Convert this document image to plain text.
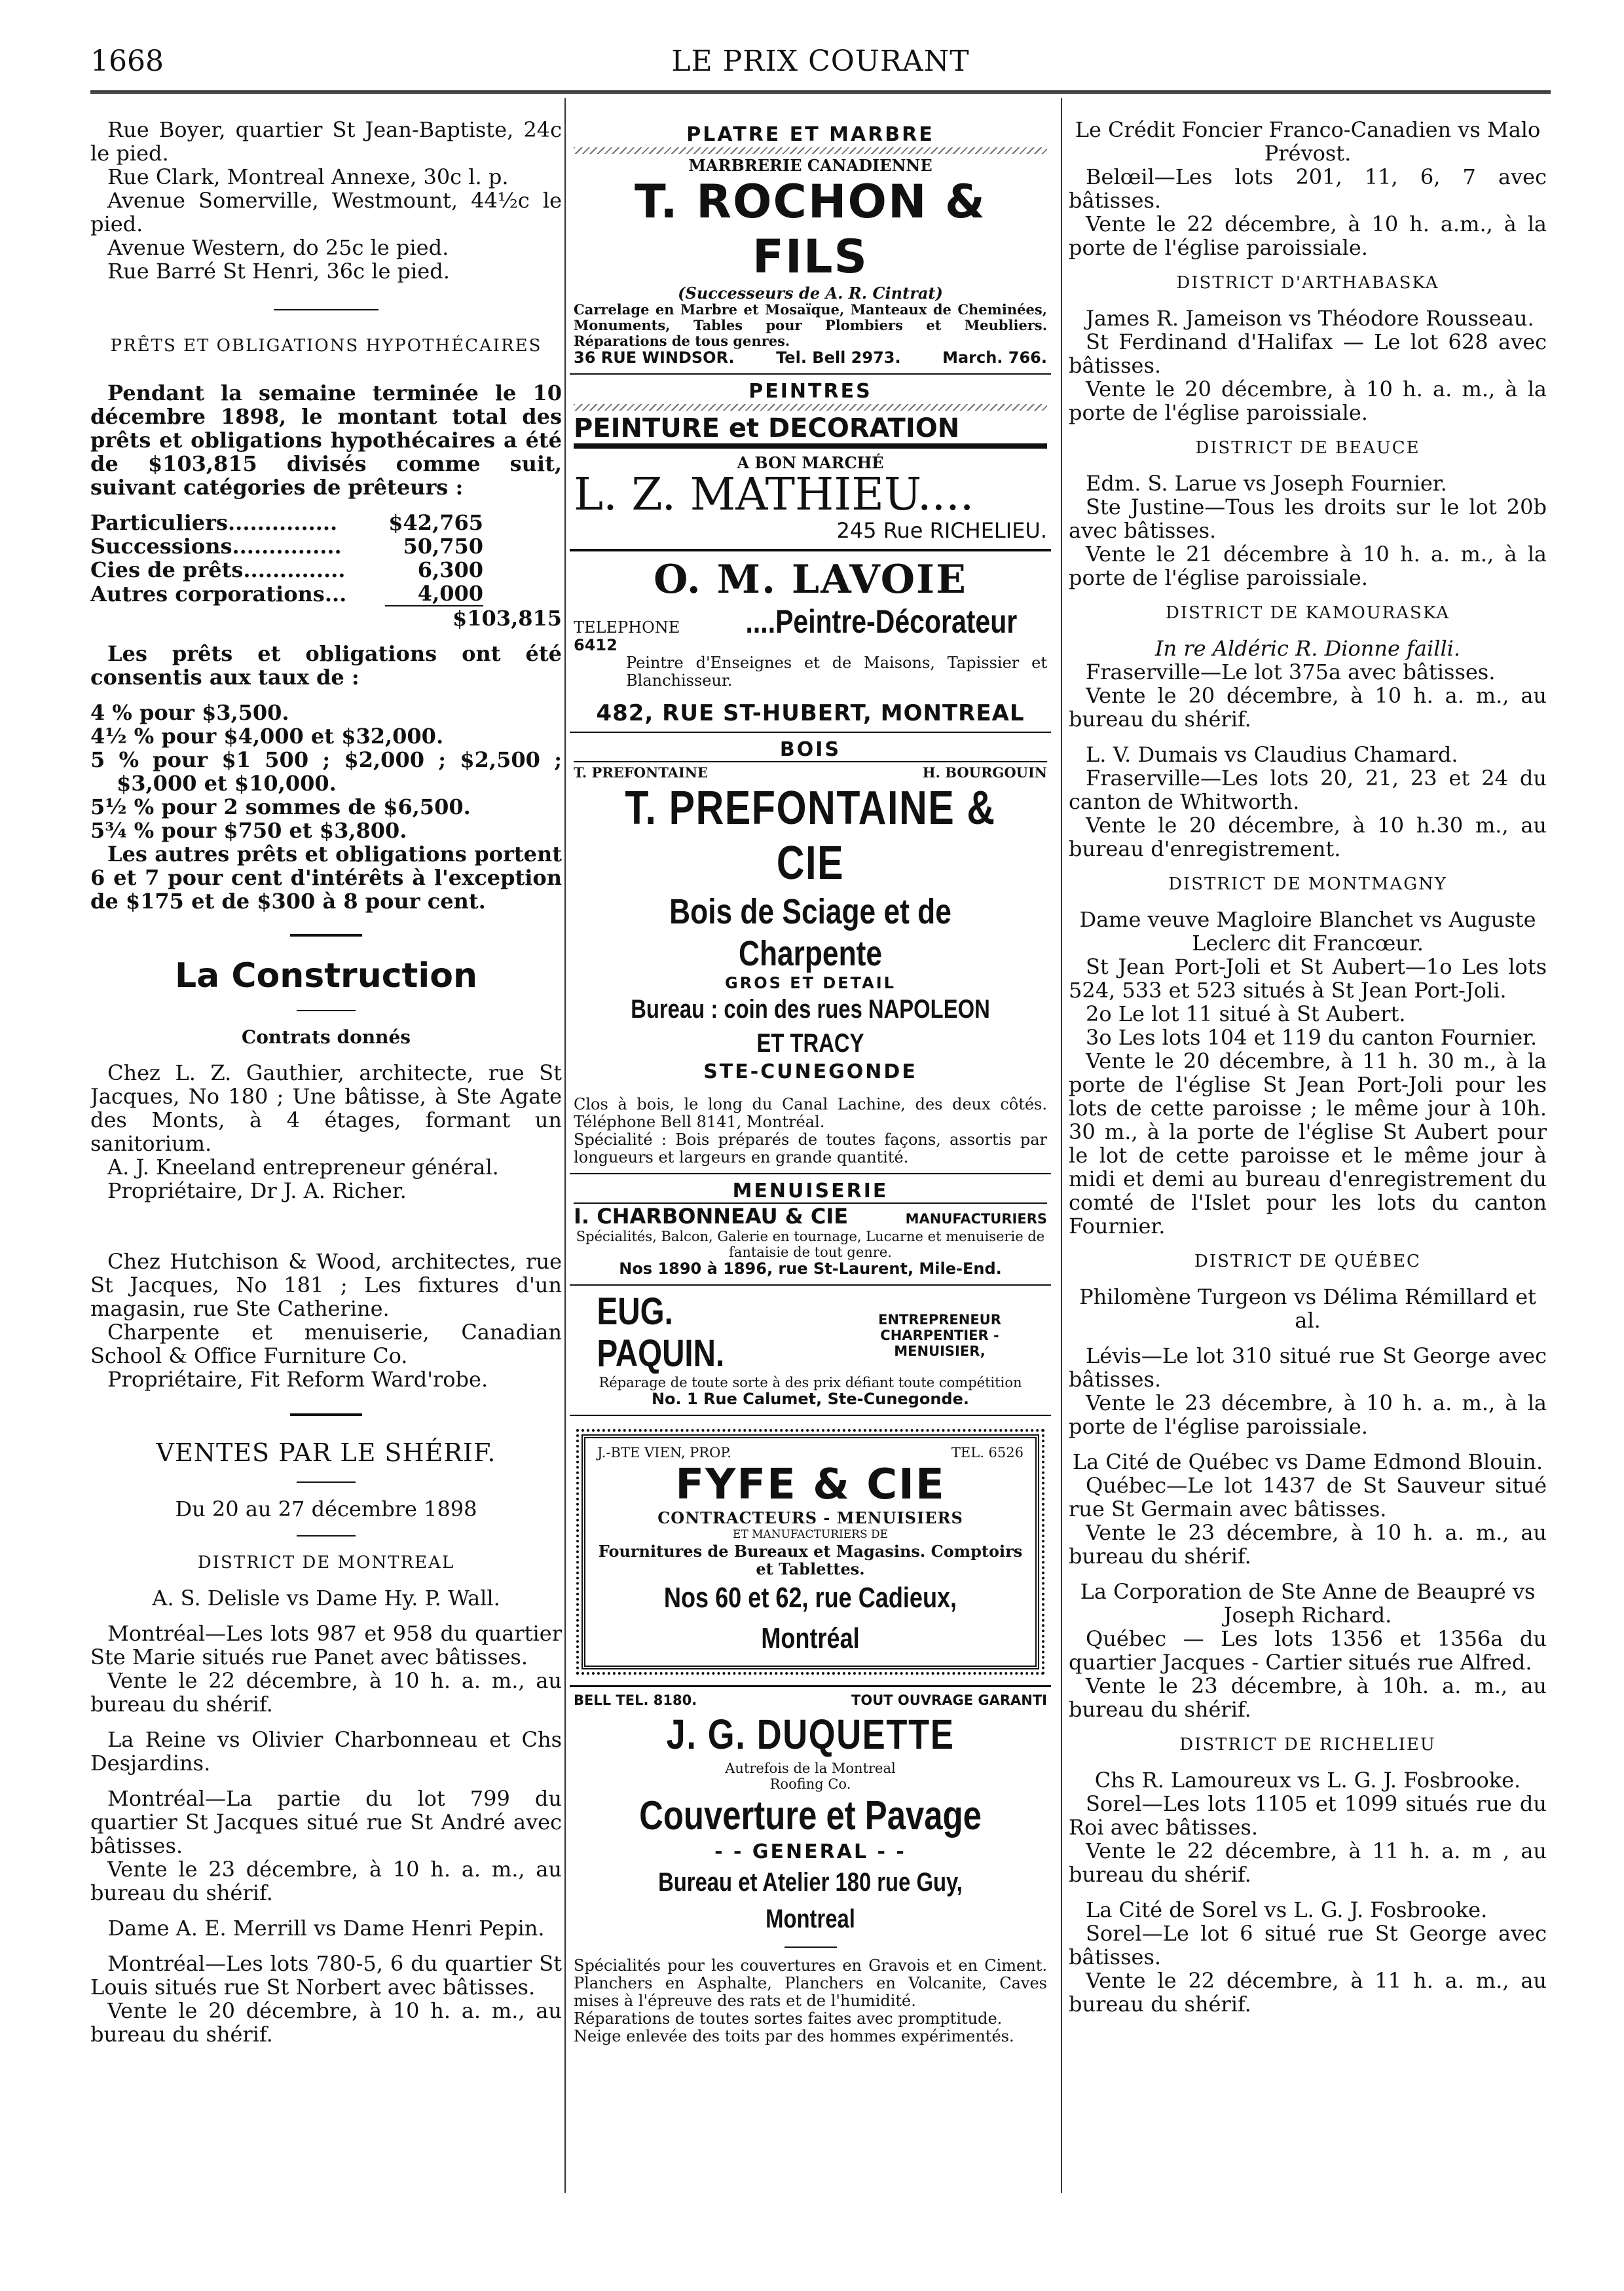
LE PRIX COURANT
1668

Rue Boyer, quartier St Jean-Baptiste, 24c le pied.

Rue Clark, Montreal Annexe, 30c l. p.

Avenue Somerville, Westmount, 44½c le pied.

Avenue Western, do 25c le pied.

Rue Barré St Henri, 36c le pied.

PRÊTS ET OBLIGATIONS HYPOTHÉCAIRES

Pendant la semaine terminée le 10 décembre 1898, le montant total des prêts et obligations hypothécaires a été de $103,815 divisés comme suit, suivant catégories de prêteurs :

Particuliers...............	$42,765	
Successions...............	50,750	
Cies de prêts..............	6,300	
Autres corporations...	4,000	

$103,815

Les prêts et obligations ont été consentis aux taux de :

4 % pour $3,500.

4½ % pour $4,000 et $32,000.

5 % pour $1 500 ; $2,000 ; $2,500 ; $3,000 et $10,000.

5½ % pour 2 sommes de $6,500.

5¾ % pour $750 et $3,800.

Les autres prêts et obligations portent 6 et 7 pour cent d'intérêts à l'exception de $175 et de $300 à 8 pour cent.

La Construction

Contrats donnés

Chez L. Z. Gauthier, architecte, rue St Jacques, No 180 ; Une bâtisse, à Ste Agate des Monts, à 4 étages, formant un sanitorium.

A. J. Kneeland entrepreneur général.

Propriétaire, Dr J. A. Richer.

Chez Hutchison & Wood, architectes, rue St Jacques, No 181 ; Les fixtures d'un magasin, rue Ste Catherine.

Charpente et menuiserie, Canadian School & Office Furniture Co.

Propriétaire, Fit Reform Ward'robe.

VENTES PAR LE SHÉRIF.

Du 20 au 27 décembre 1898

DISTRICT DE MONTREAL

A. S. Delisle vs Dame Hy. P. Wall.

Montréal—Les lots 987 et 958 du quartier Ste Marie situés rue Panet avec bâtisses.

Vente le 22 décembre, à 10 h. a. m., au bureau du shérif.

La Reine vs Olivier Charbonneau et Chs Desjardins.

Montréal—La partie du lot 799 du quartier St Jacques situé rue St André avec bâtisses.

Vente le 23 décembre, à 10 h. a. m., au bureau du shérif.

Dame A. E. Merrill vs Dame Henri Pepin.

Montréal—Les lots 780-5, 6 du quartier St Louis situés rue St Norbert avec bâtisses.

Vente le 20 décembre, à 10 h. a. m., au bureau du shérif.

PLATRE ET MARBRE

MARBRERIE CANADIENNE

T. ROCHON & FILS

(Successeurs de A. R. Cintrat)

Carrelage en Marbre et Mosaïque, Manteaux de Cheminées, Monuments, Tables pour Plombiers et Meubliers. Réparations de tous genres.

36 RUE WINDSOR.	Tel. Bell 2973.	March. 766.
PEINTRES

PEINTURE et DECORATION

A BON MARCHÉ

L. Z. MATHIEU....

245 Rue RICHELIEU.

O. M. LAVOIE

TELEPHONE

6412

....Peintre-Décorateur

Peintre d'Enseignes et de Maisons, Tapissier et Blanchisseur.

482, RUE ST-HUBERT, MONTREAL

BOIS
T. PREFONTAINE	H. BOURGOUIN
T. PREFONTAINE & CIE

Bois de Sciage et de Charpente

GROS ET DETAIL

Bureau : coin des rues NAPOLEON ET TRACY

STE-CUNEGONDE

Clos à bois, le long du Canal Lachine, des deux côtés. Téléphone Bell 8141, Montréal.

Spécialité : Bois préparés de toutes façons, assortis par longueurs et largeurs en grande quantité.

MENUISERIE
I. CHARBONNEAU & CIE	MANUFACTURIERS

Spécialités, Balcon, Galerie en tournage, Lucarne et menuiserie de fantaisie de tout genre.

Nos 1890 à 1896, rue St-Laurent, Mile-End.

EUG. PAQUIN.
ENTREPRENEUR
CHARPENTIER - MENUISIER,

Réparage de toute sorte à des prix défiant toute compétition

No. 1 Rue Calumet, Ste-Cunegonde.

J.-BTE VIEN, PROP.	TEL. 6526
FYFE & CIE

CONTRACTEURS - MENUISIERS

ET MANUFACTURIERS DE

Fournitures de Bureaux et Magasins. Comptoirs et Tablettes.

Nos 60 et 62, rue Cadieux, Montréal

BELL TEL. 8180.	TOUT OUVRAGE GARANTI
J. G. DUQUETTE

Autrefois de la Montreal Roofing Co.

Couverture et Pavage

- - GENERAL - -

Bureau et Atelier 180 rue Guy, Montreal

Spécialités pour les couvertures en Gravois et en Ciment. Planchers en Asphalte, Planchers en Volcanite, Caves mises à l'épreuve des rats et de l'humidité.

Réparations de toutes sortes faites avec promptitude.

Neige enlevée des toits par des hommes expérimentés.

Le Crédit Foncier Franco-Canadien vs Malo Prévost.

Belœil—Les lots 201, 11, 6, 7 avec bâtisses.

Vente le 22 décembre, à 10 h. a.m., à la porte de l'église paroissiale.

DISTRICT D'ARTHABASKA

James R. Jameison vs Théodore Rousseau.

St Ferdinand d'Halifax — Le lot 628 avec bâtisses.

Vente le 20 décembre, à 10 h. a. m., à la porte de l'église paroissiale.

DISTRICT DE BEAUCE

Edm. S. Larue vs Joseph Fournier.

Ste Justine—Tous les droits sur le lot 20b avec bâtisses.

Vente le 21 décembre à 10 h. a. m., à la porte de l'église paroissiale.

DISTRICT DE KAMOURASKA

In re Aldéric R. Dionne failli.

Fraserville—Le lot 375a avec bâtisses.

Vente le 20 décembre, à 10 h. a. m., au bureau du shérif.

L. V. Dumais vs Claudius Chamard.

Fraserville—Les lots 20, 21, 23 et 24 du canton de Whitworth.

Vente le 20 décembre, à 10 h.30 m., au bureau d'enregistrement.

DISTRICT DE MONTMAGNY

Dame veuve Magloire Blanchet vs Auguste Leclerc dit Francœur.

St Jean Port-Joli et St Aubert—1o Les lots 524, 533 et 523 situés à St Jean Port-Joli.

2o Le lot 11 situé à St Aubert.

3o Les lots 104 et 119 du canton Fournier.

Vente le 20 décembre, à 11 h. 30 m., à la porte de l'église St Jean Port-Joli pour les lots de cette paroisse ; le même jour à 10h. 30 m., à la porte de l'église St Aubert pour le lot de cette paroisse et le même jour à midi et demi au bureau d'enregistrement du comté de l'Islet pour les lots du canton Fournier.

DISTRICT DE QUÉBEC

Philomène Turgeon vs Délima Rémillard et al.

Lévis—Le lot 310 situé rue St George avec bâtisses.

Vente le 23 décembre, à 10 h. a. m., à la porte de l'église paroissiale.

La Cité de Québec vs Dame Edmond Blouin.

Québec—Le lot 1437 de St Sauveur situé rue St Germain avec bâtisses.

Vente le 23 décembre, à 10 h. a. m., au bureau du shérif.

La Corporation de Ste Anne de Beaupré vs Joseph Richard.

Québec — Les lots 1356 et 1356a du quartier Jacques - Cartier situés rue Alfred.

Vente le 23 décembre, à 10h. a. m., au bureau du shérif.

DISTRICT DE RICHELIEU

Chs R. Lamoureux vs L. G. J. Fosbrooke.

Sorel—Les lots 1105 et 1099 situés rue du Roi avec bâtisses.

Vente le 22 décembre, à 11 h. a. m , au bureau du shérif.

La Cité de Sorel vs L. G. J. Fosbrooke.

Sorel—Le lot 6 situé rue St George avec bâtisses.

Vente le 22 décembre, à 11 h. a. m., au bureau du shérif.
